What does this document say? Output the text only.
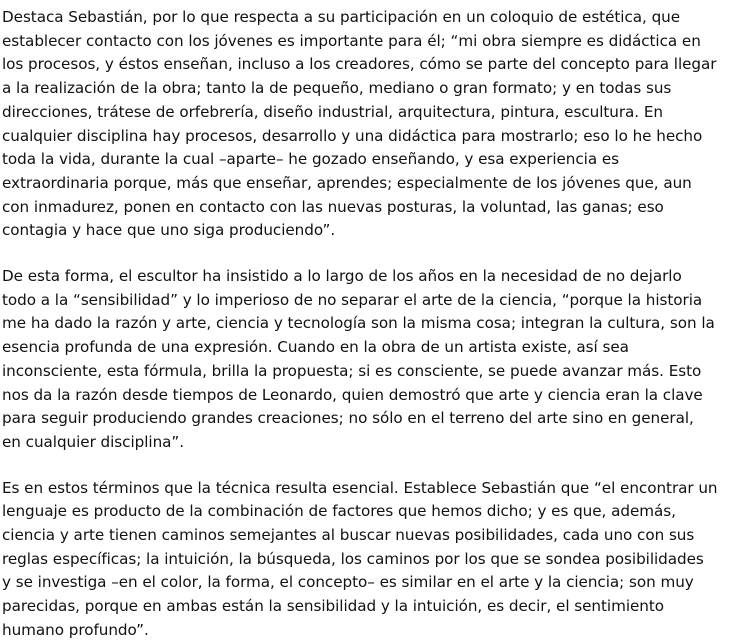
Destaca Sebastián, por lo que respecta a su participación en un coloquio de estética, que
establecer contacto con los jóvenes es importante para él; “mi obra siempre es didáctica en
los procesos, y éstos enseñan, incluso a los creadores, cómo se parte del concepto para llegar
a la realización de la obra; tanto la de pequeño, mediano o gran formato; y en todas sus
direcciones, trátese de orfebrería, diseño industrial, arquitectura, pintura, escultura. En
cualquier disciplina hay procesos, desarrollo y una didáctica para mostrarlo; eso lo he hecho
toda la vida, durante la cual –aparte– he gozado enseñando, y esa experiencia es
extraordinaria porque, más que enseñar, aprendes; especialmente de los jóvenes que, aun
con inmadurez, ponen en contacto con las nuevas posturas, la voluntad, las ganas; eso
contagia y hace que uno siga produciendo”.

De esta forma, el escultor ha insistido a lo largo de los años en la necesidad de no dejarlo
todo a la “sensibilidad” y lo imperioso de no separar el arte de la ciencia, “porque la historia
me ha dado la razón y arte, ciencia y tecnología son la misma cosa; integran la cultura, son la
esencia profunda de una expresión. Cuando en la obra de un artista existe, así sea
inconsciente, esta fórmula, brilla la propuesta; si es consciente, se puede avanzar más. Esto
nos da la razón desde tiempos de Leonardo, quien demostró que arte y ciencia eran la clave
para seguir produciendo grandes creaciones; no sólo en el terreno del arte sino en general,
en cualquier disciplina”.

Es en estos términos que la técnica resulta esencial. Establece Sebastián que “el encontrar un
lenguaje es producto de la combinación de factores que hemos dicho; y es que, además,
ciencia y arte tienen caminos semejantes al buscar nuevas posibilidades, cada uno con sus
reglas específicas; la intuición, la búsqueda, los caminos por los que se sondea posibilidades
y se investiga –en el color, la forma, el concepto– es similar en el arte y la ciencia; son muy
parecidas, porque en ambas están la sensibilidad y la intuición, es decir, el sentimiento
humano profundo”.
